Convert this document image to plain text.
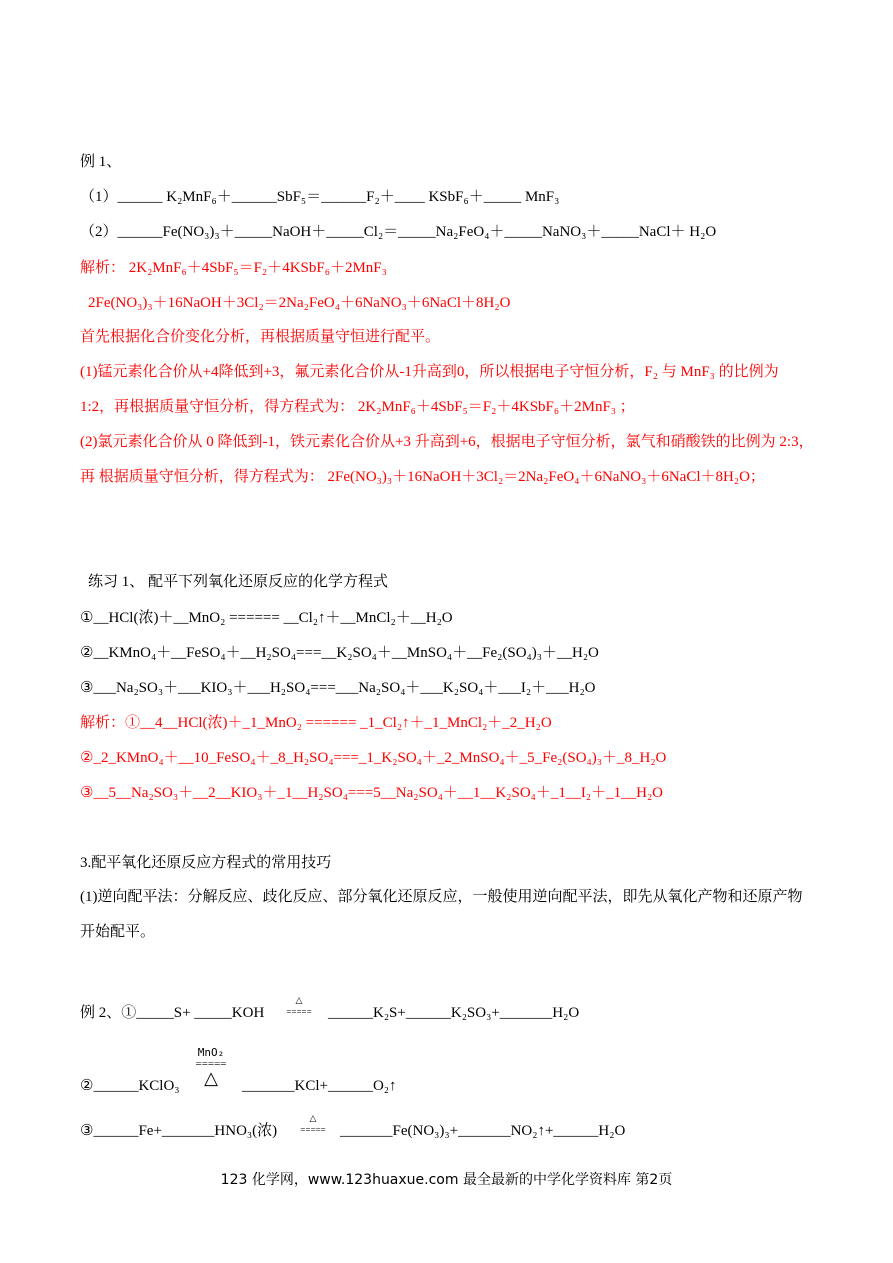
例 1、
（1）______ K₂MnF₆＋______SbF₅＝______F₂＋____ KSbF₆＋_____ MnF₃
（2）______Fe(NO₃)₃＋_____NaOH＋_____Cl₂＝_____Na₂FeO₄＋_____NaNO₃＋_____NaCl＋ H₂O
解析： 2K₂MnF₆＋4SbF₅＝F₂＋4KSbF₆＋2MnF₃
2Fe(NO₃)₃＋16NaOH＋3Cl₂＝2Na₂FeO₄＋6NaNO₃＋6NaCl＋8H₂O
首先根据化合价变化分析，再根据质量守恒进行配平。
(1)锰元素化合价从+4降低到+3，氟元素化合价从-1升高到0，所以根据电子守恒分析，F₂ 与 MnF₃ 的比例为 1:2，再根据质量守恒分析，得方程式为： 2K₂MnF₆＋4SbF₅＝F₂＋4KSbF₆＋2MnF₃ ；
(2)氯元素化合价从 0 降低到-1，铁元素化合价从+3 升高到+6，根据电子守恒分析，氯气和硝酸铁的比例为 2:3，再 根据质量守恒分析，得方程式为： 2Fe(NO₃)₃＋16NaOH＋3Cl₂＝2Na₂FeO₄＋6NaNO₃＋6NaCl＋8H₂O；
练习 1、 配平下列氧化还原反应的化学方程式
①__HCl(浓)＋__MnO₂ ====== __Cl₂↑＋__MnCl₂＋__H₂O
②__KMnO₄＋__FeSO₄＋__H₂SO₄===__K₂SO₄＋__MnSO₄＋__Fe₂(SO₄)₃＋__H₂O
③___Na₂SO₃＋___KIO₃＋___H₂SO₄===___Na₂SO₄＋___K₂SO₄＋___I₂＋___H₂O
解析：①__4__HCl(浓)＋_1_MnO₂ ====== _1_Cl₂↑＋_1_MnCl₂＋_2_H₂O
②_2_KMnO₄＋__10_FeSO₄＋_8_H₂SO₄===_1_K₂SO₄＋_2_MnSO₄＋_5_Fe₂(SO₄)₃＋_8_H₂O
③__5__Na₂SO₃＋__2__KIO₃＋_1__H₂SO₄===5__Na₂SO₄＋__1__K₂SO₄＋_1__I₂＋_1__H₂O
3.配平氧化还原反应方程式的常用技巧
(1)逆向配平法：分解反应、歧化反应、部分氧化还原反应，一般使用逆向配平法，即先从氧化产物和还原产物开始配平。
例 2、①_____S+ _____KOH
△
===== ______K₂S+______K₂SO₃+_______H₂O
MnO₂
=====
△
②______KClO₃	_______KCl+______O₂↑
③______Fe+_______HNO₃(浓)
△
===== _______Fe(NO₃)₃+_______NO₂↑+______H₂O
123 化学网，www.123huaxue.com 最全最新的中学化学资料库 第2页
